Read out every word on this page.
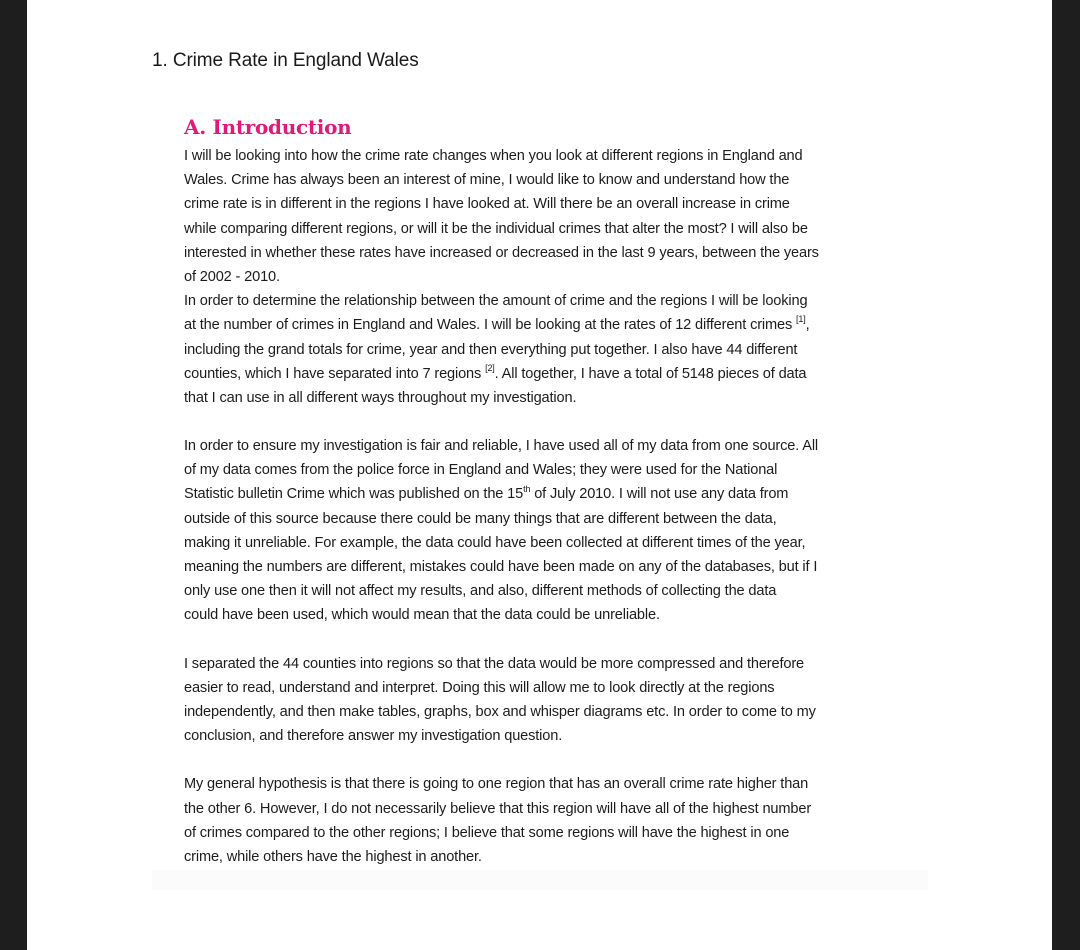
1. Crime Rate in England Wales
A. Introduction
I will be looking into how the crime rate changes when you look at different regions in England and
Wales. Crime has always been an interest of mine, I would like to know and understand how the
crime rate is in different in the regions I have looked at. Will there be an overall increase in crime
while comparing different regions, or will it be the individual crimes that alter the most? I will also be
interested in whether these rates have increased or decreased in the last 9 years, between the years
of 2002 - 2010.
In order to determine the relationship between the amount of crime and the regions I will be looking
at the number of crimes in England and Wales. I will be looking at the rates of 12 different crimes [1],
including the grand totals for crime, year and then everything put together. I also have 44 different
counties, which I have separated into 7 regions [2]. All together, I have a total of 5148 pieces of data
that I can use in all different ways throughout my investigation.
In order to ensure my investigation is fair and reliable, I have used all of my data from one source. All
of my data comes from the police force in England and Wales; they were used for the National
Statistic bulletin Crime which was published on the 15th of July 2010. I will not use any data from
outside of this source because there could be many things that are different between the data,
making it unreliable. For example, the data could have been collected at different times of the year,
meaning the numbers are different, mistakes could have been made on any of the databases, but if I
only use one then it will not affect my results, and also, different methods of collecting the data
could have been used, which would mean that the data could be unreliable.
I separated the 44 counties into regions so that the data would be more compressed and therefore
easier to read, understand and interpret. Doing this will allow me to look directly at the regions
independently, and then make tables, graphs, box and whisper diagrams etc. In order to come to my
conclusion, and therefore answer my investigation question.
My general hypothesis is that there is going to one region that has an overall crime rate higher than
the other 6. However, I do not necessarily believe that this region will have all of the highest number
of crimes compared to the other regions; I believe that some regions will have the highest in one
crime, while others have the highest in another.
